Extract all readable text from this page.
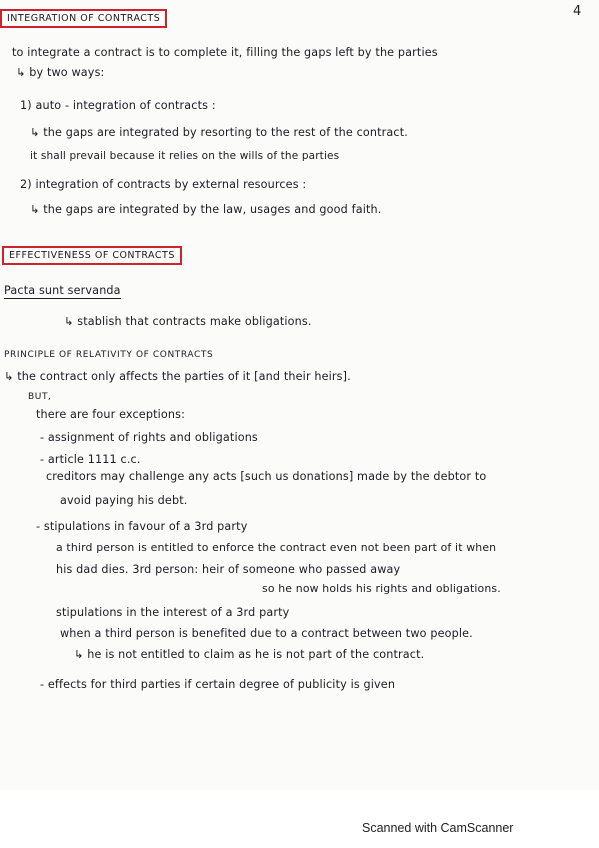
4
INTEGRATION OF CONTRACTS
to integrate a contract is to complete it, filling the gaps left by the parties
↳ by two ways:
1) auto - integration of contracts :
↳ the gaps are integrated by resorting to the rest of the contract.
it shall prevail because it relies on the wills of the parties
2) integration of contracts by external resources :
↳ the gaps are integrated by the law, usages and good faith.
EFFECTIVENESS OF CONTRACTS
Pacta sunt servanda
↳ stablish that contracts make obligations.
PRINCIPLE OF RELATIVITY OF CONTRACTS
↳ the contract only affects the parties of it [and their heirs].
BUT,
there are four exceptions:
- assignment of rights and obligations
- article 1111 c.c.
creditors may challenge any acts [such us donations] made by the debtor to
avoid paying his debt.
- stipulations in favour of a 3rd party
a third person is entitled to enforce the contract even not been part of it when
his dad dies. 3rd person: heir of someone who passed away
so he now holds his rights and obligations.
stipulations in the interest of a 3rd party
when a third person is benefited due to a contract between two people.
↳ he is not entitled to claim as he is not part of the contract.
- effects for third parties if certain degree of publicity is given
Scanned with CamScanner
